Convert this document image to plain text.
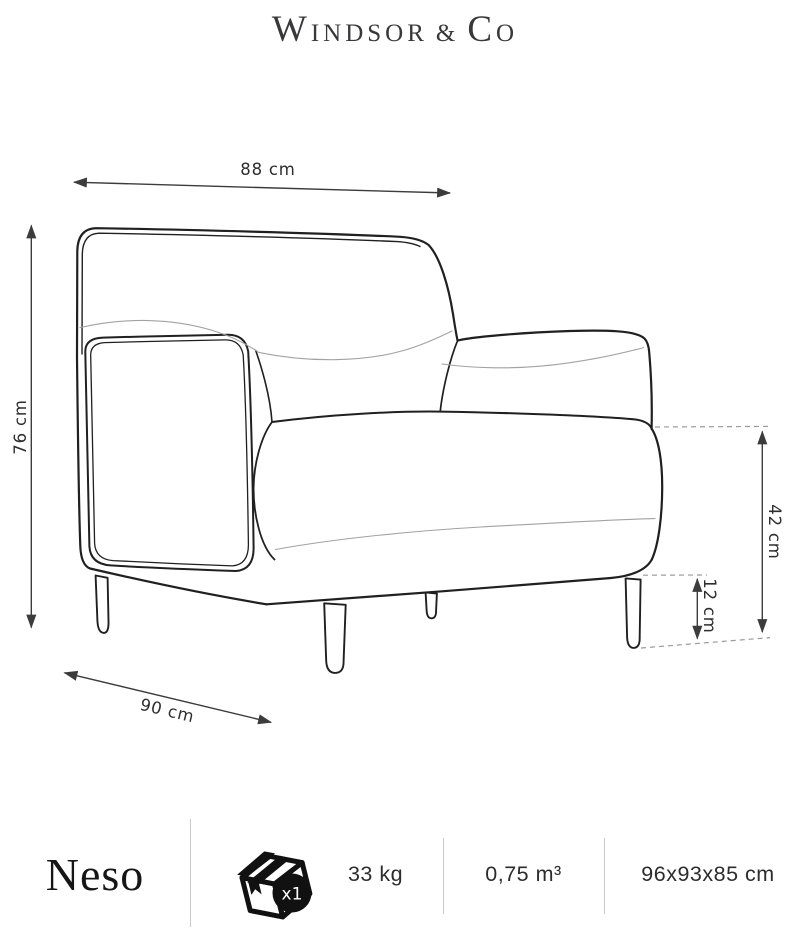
WINDSOR & CO
88 cm
76 cm
42 cm
12 cm
90 cm
Neso	x1
33 kg	0,75 m³	96x93x85 cm
